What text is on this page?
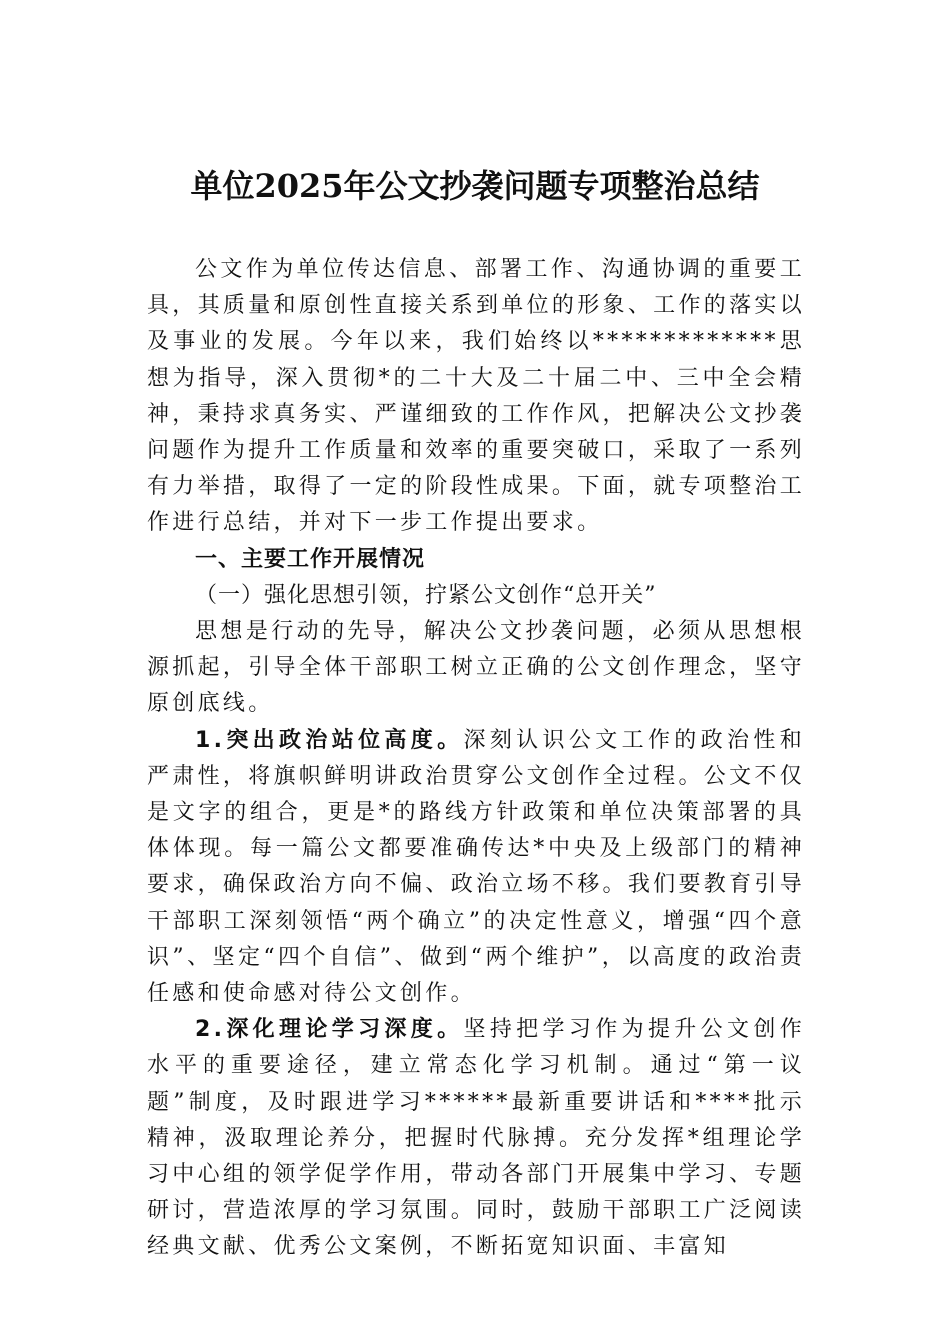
单位2025年公文抄袭问题专项整治总结

公文作为单位传达信息、部署工作、沟通协调的重要工具，其质量和原创性直接关系到单位的形象、工作的落实以及事业的发展。今年以来，我们始终以*************思想为指导，深入贯彻*的二十大及二十届二中、三中全会精神，秉持求真务实、严谨细致的工作作风，把解决公文抄袭问题作为提升工作质量和效率的重要突破口，采取了一系列有力举措，取得了一定的阶段性成果。下面，就专项整治工作进行总结，并对下一步工作提出要求。

一、主要工作开展情况

（一）强化思想引领，拧紧公文创作“总开关”

思想是行动的先导，解决公文抄袭问题，必须从思想根源抓起，引导全体干部职工树立正确的公文创作理念，坚守原创底线。

1.突出政治站位高度。深刻认识公文工作的政治性和严肃性，将旗帜鲜明讲政治贯穿公文创作全过程。公文不仅是文字的组合，更是*的路线方针政策和单位决策部署的具体体现。每一篇公文都要准确传达*中央及上级部门的精神要求，确保政治方向不偏、政治立场不移。我们要教育引导干部职工深刻领悟“两个确立”的决定性意义，增强“四个意识”、坚定“四个自信”、做到“两个维护”，以高度的政治责任感和使命感对待公文创作。

2.深化理论学习深度。坚持把学习作为提升公文创作水平的重要途径，建立常态化学习机制。通过“第一议题”制度，及时跟进学习******最新重要讲话和****批示精神，汲取理论养分，把握时代脉搏。充分发挥*组理论学习中心组的领学促学作用，带动各部门开展集中学习、专题研讨，营造浓厚的学习氛围。同时，鼓励干部职工广泛阅读经典文献、优秀公文案例，不断拓宽知识面、丰富知
